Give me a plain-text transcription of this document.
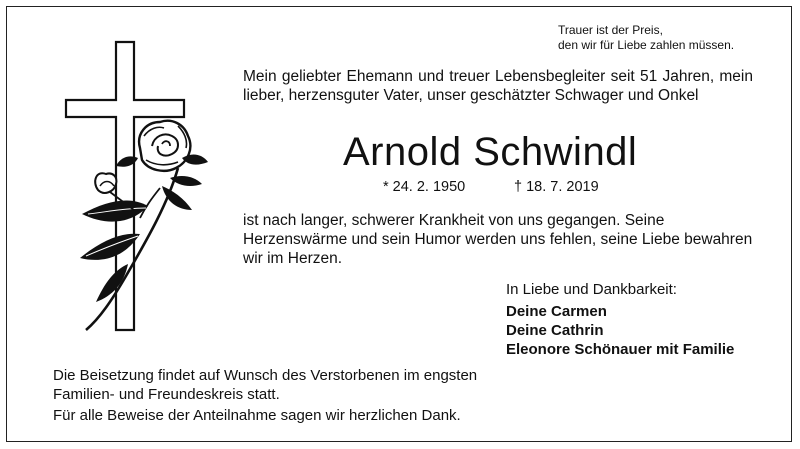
Trauer ist der Preis,
den wir für Liebe zahlen müssen.
Mein geliebter Ehemann und treuer Lebensbegleiter seit 51 Jahren, mein lieber, herzensguter Vater, unser geschätzter Schwager und Onkel
Arnold Schwindl
* 24. 2. 1950	† 18. 7. 2019
ist nach langer, schwerer Krankheit von uns gegangen. Seine Herzenswärme und sein Humor werden uns fehlen, seine Liebe bewahren wir im Herzen.
In Liebe und Dankbarkeit:
Deine Carmen
Deine Cathrin
Eleonore Schönauer mit Familie

Die Beisetzung findet auf Wunsch des Verstorbenen im engsten Familien- und Freundeskreis statt.

Für alle Beweise der Anteilnahme sagen wir herzlichen Dank.
